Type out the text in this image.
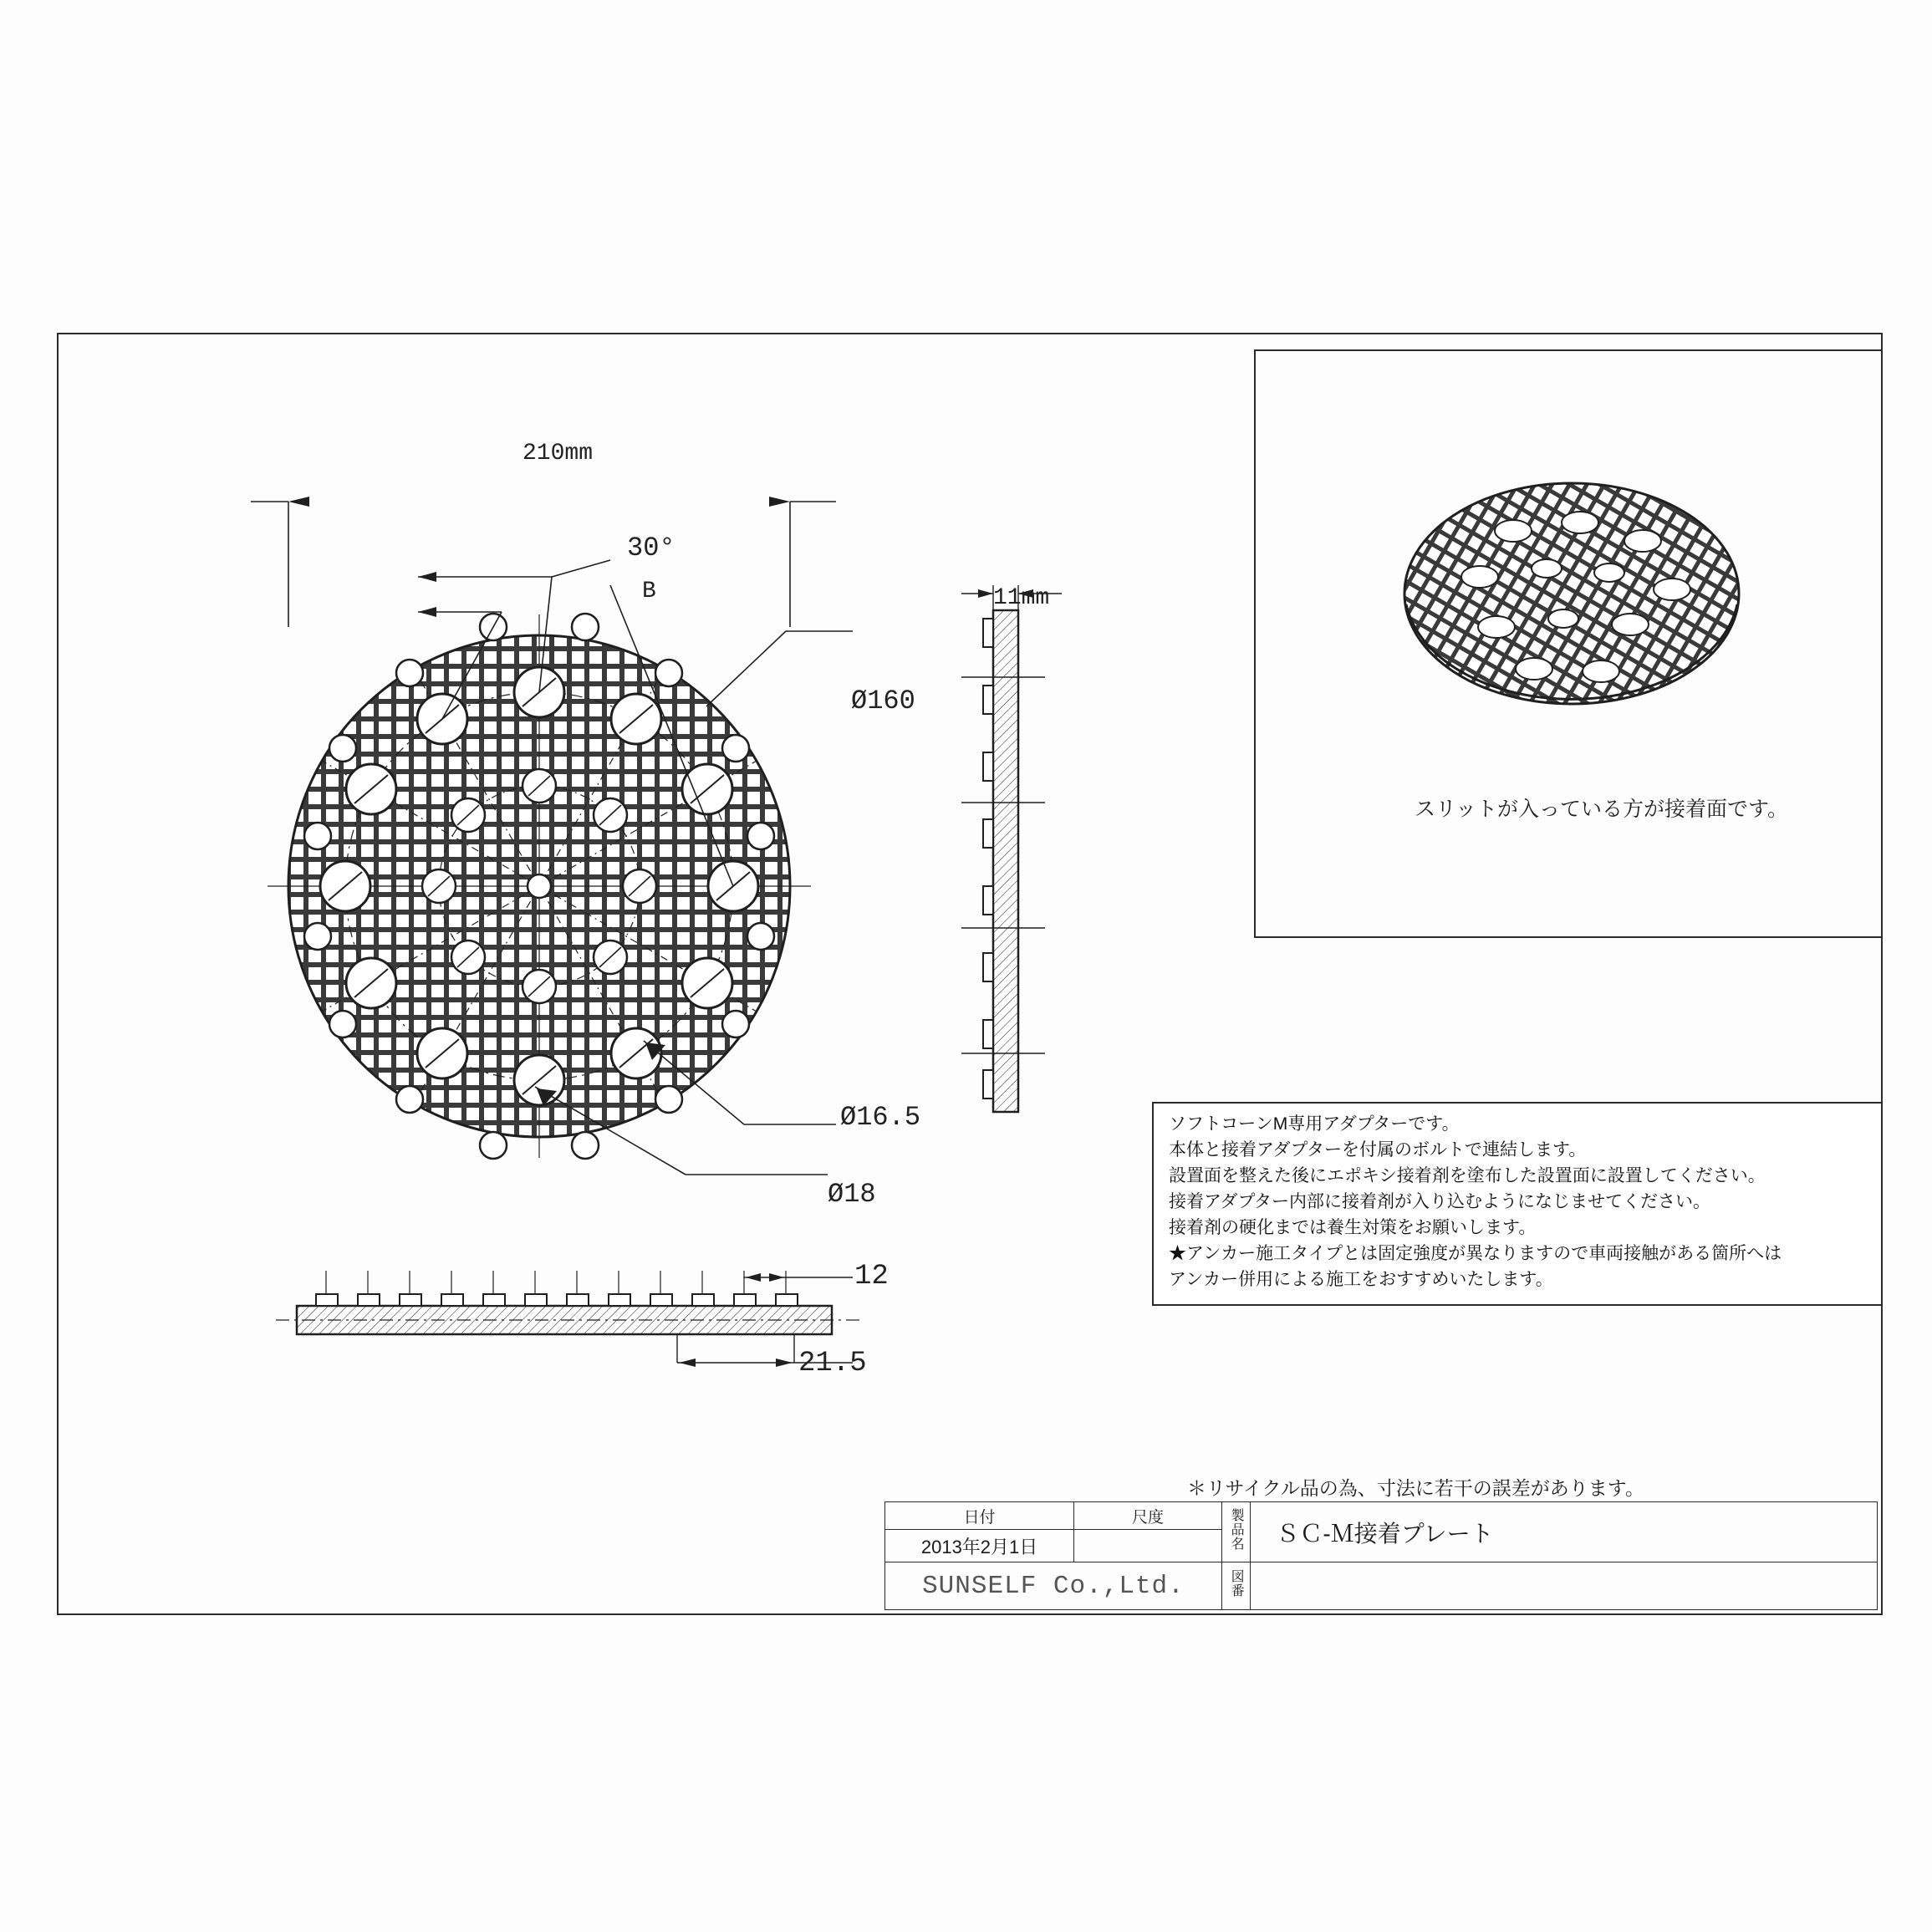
210mm
30°
B
Ø160
Ø16.5
Ø18
11mm
12
21.5
スリットが入っている方が接着面です。
ソフトコーンM専用アダプターです。
本体と接着アダプターを付属のボルトで連結します。
設置面を整えた後にエポキシ接着剤を塗布した設置面に設置してください。
接着アダプター内部に接着剤が入り込むようになじませてください。
接着剤の硬化までは養生対策をお願いします。
★アンカー施工タイプとは固定強度が異なりますので車両接触がある箇所へは
アンカー併用による施工をおすすめいたします。
＊リサイクル品の為、寸法に若干の誤差があります。
日付	尺度	製品名	ＳＣ-Ｍ接着プレート
2013年2月1日			
SUNSELF Co.,Ltd.		図番	
